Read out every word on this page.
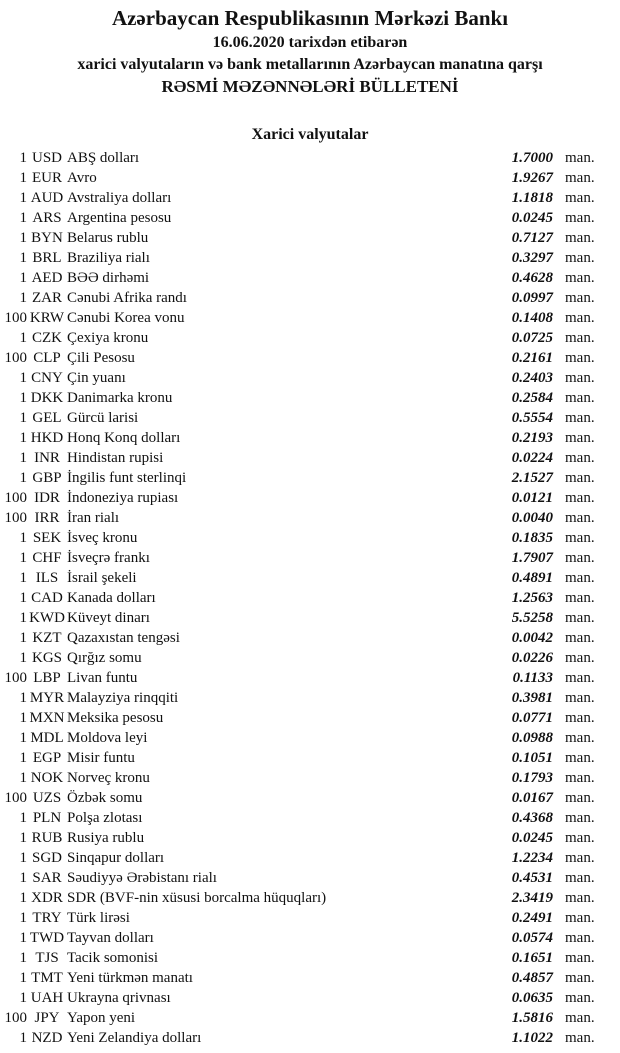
Azərbaycan Respublikasının Mərkəzi Bankı
16.06.2020 tarixdən etibarən
xarici valyutaların və bank metallarının Azərbaycan manatına qarşı
RƏSMİ MƏZƏNNƏLƏRİ BÜLLETENİ
Xarici valyutalar
1 USD ABŞ dolları	1.7000 man.
1 EUR Avro	1.9267 man.
1 AUD Avstraliya dolları	1.1818 man.
1 ARS Argentina pesosu	0.0245 man.
1 BYN Belarus rublu	0.7127 man.
1 BRL Braziliya rialı	0.3297 man.
1 AED BƏƏ dirhəmi	0.4628 man.
1 ZAR Cənubi Afrika randı	0.0997 man.
100 KRW Cənubi Korea vonu	0.1408 man.
1 CZK Çexiya kronu	0.0725 man.
100 CLP Çili Pesosu	0.2161 man.
1 CNY Çin yuanı	0.2403 man.
1 DKK Danimarka kronu	0.2584 man.
1 GEL Gürcü larisi	0.5554 man.
1 HKD Honq Konq dolları	0.2193 man.
1 INR Hindistan rupisi	0.0224 man.
1 GBP İngilis funt sterlinqi	2.1527 man.
100 IDR İndoneziya rupiası	0.0121 man.
100 IRR İran rialı	0.0040 man.
1 SEK İsveç kronu	0.1835 man.
1 CHF İsveçrə frankı	1.7907 man.
1 ILS İsrail şekeli	0.4891 man.
1 CAD Kanada dolları	1.2563 man.
1 KWD Küveyt dinarı	5.5258 man.
1 KZT Qazaxıstan tengəsi	0.0042 man.
1 KGS Qırğız somu	0.0226 man.
100 LBP Livan funtu	0.1133 man.
1 MYR Malayziya rinqqiti	0.3981 man.
1 MXN Meksika pesosu	0.0771 man.
1 MDL Moldova leyi	0.0988 man.
1 EGP Misir funtu	0.1051 man.
1 NOK Norveç kronu	0.1793 man.
100 UZS Özbək somu	0.0167 man.
1 PLN Polşa zlotası	0.4368 man.
1 RUB Rusiya rublu	0.0245 man.
1 SGD Sinqapur dolları	1.2234 man.
1 SAR Səudiyyə Ərəbistanı rialı	0.4531 man.
1 XDR SDR (BVF-nin xüsusi borcalma hüquqları)	2.3419 man.
1 TRY Türk lirəsi	0.2491 man.
1 TWD Tayvan dolları	0.0574 man.
1 TJS Tacik somonisi	0.1651 man.
1 TMT Yeni türkmən manatı	0.4857 man.
1 UAH Ukrayna qrivnası	0.0635 man.
100 JPY Yapon yeni	1.5816 man.
1 NZD Yeni Zelandiya dolları	1.1022 man.
